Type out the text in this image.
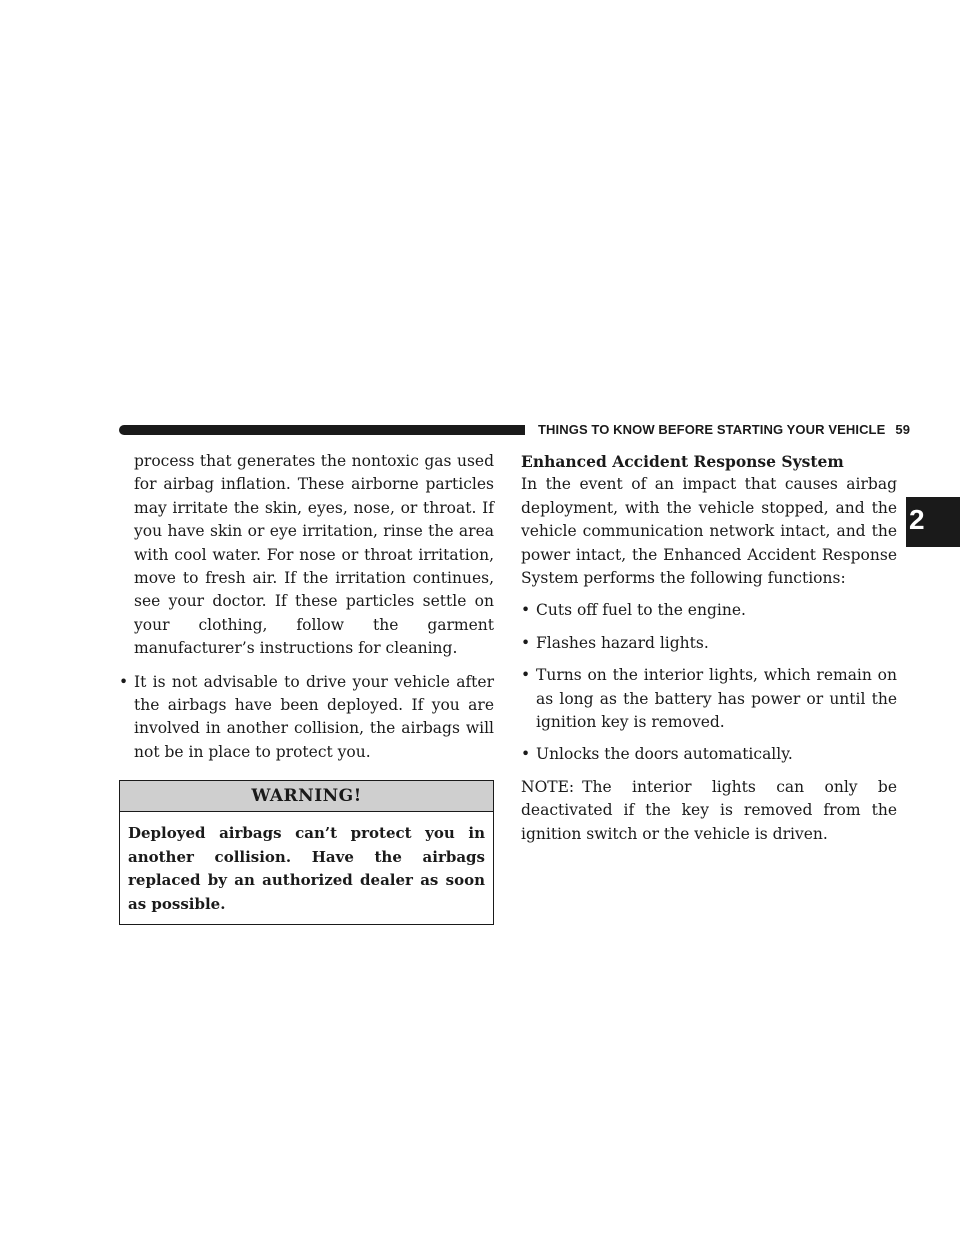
THINGS TO KNOW BEFORE STARTING YOUR VEHICLE 59
2

process that generates the nontoxic gas used for airbag inflation. These airborne particles may irritate the skin, eyes, nose, or throat. If you have skin or eye irritation, rinse the area with cool water. For nose or throat irritation, move to fresh air. If the irritation continues, see your doctor. If these particles settle on your clothing, follow the garment manufacturer’s instructions for cleaning.

• It is not advisable to drive your vehicle after the airbags have been deployed. If you are involved in another collision, the airbags will not be in place to protect you.

WARNING!
Deployed airbags can’t protect you in another collision. Have the airbags replaced by an authorized dealer as soon as possible.

Enhanced Accident Response System

In the event of an impact that causes airbag deployment, with the vehicle stopped, and the vehicle communication network intact, and the power intact, the Enhanced Accident Response System performs the following functions:

• Cuts off fuel to the engine.

• Flashes hazard lights.

• Turns on the interior lights, which remain on as long as the battery has power or until the ignition key is removed.

• Unlocks the doors automatically.

NOTE: The interior lights can only be deactivated if the key is removed from the ignition switch or the vehicle is driven.
